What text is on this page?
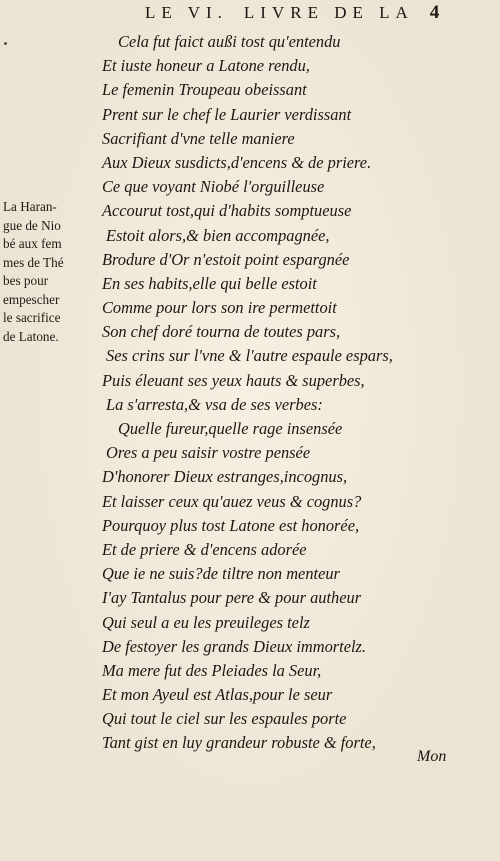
LE VI. LIVRE DE LA 4
Cela fut faict außi tost qu'entendu
Et iuste honeur a Latone rendu,
Le femenin Troupeau obeissant
Prent sur le chef le Laurier verdissant
Sacrifiant d'vne telle maniere
Aux Dieux susdicts,d'encens & de priere.
Ce que voyant Niobé l'orguilleuse
Accourut tost,qui d'habits somptueuse
Estoit alors,& bien accompagnée,
Brodure d'Or n'estoit point espargnée
En ses habits,elle qui belle estoit
Comme pour lors son ire permettoit
Son chef doré tourna de toutes pars,
Ses crins sur l'vne & l'autre espaule espars,
Puis éleuant ses yeux hauts & superbes,
La s'arresta,& vsa de ses verbes:
Quelle fureur,quelle rage insensée
Ores a peu saisir vostre pensée
D'honorer Dieux estranges,incognus,
Et laisser ceux qu'auez veus & cognus?
Pourquoy plus tost Latone est honorée,
Et de priere & d'encens adorée
Que ie ne suis?de tiltre non menteur
I'ay Tantalus pour pere & pour autheur
Qui seul a eu les preuileges telz
De festoyer les grands Dieux immortelz.
Ma mere fut des Pleiades la Seur,
Et mon Ayeul est Atlas,pour le seur
Qui tout le ciel sur les espaules porte
Tant gist en luy grandeur robuste & forte,
La Haran-
gue de Nio
bé aux fem
mes de Thé
bes pour
empescher
le sacrifice
de Latone.
Mon
